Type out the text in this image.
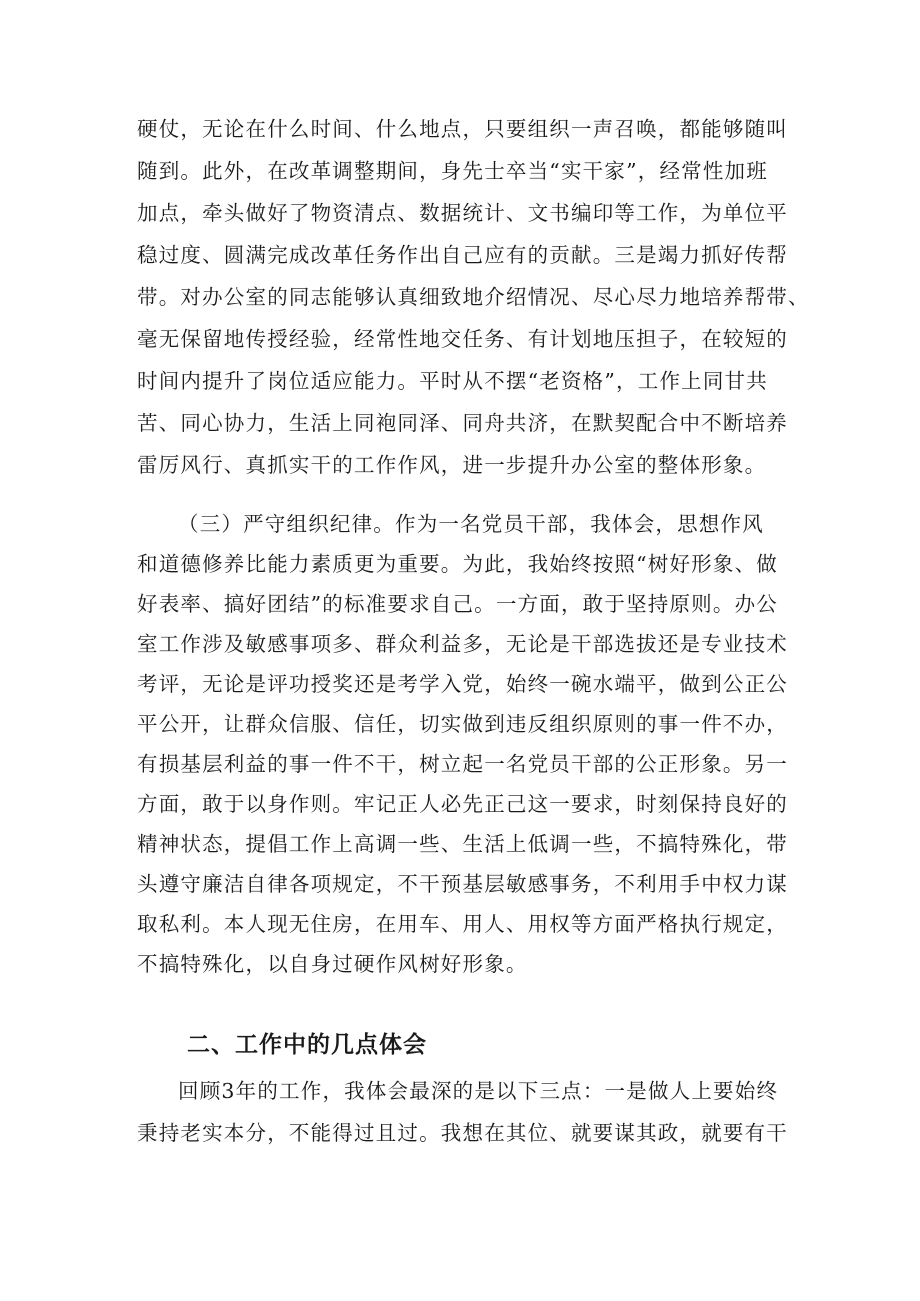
硬仗，无论在什么时间、什么地点，只要组织一声召唤，都能够随叫
随到。此外，在改革调整期间，身先士卒当“实干家”，经常性加班
加点，牵头做好了物资清点、数据统计、文书编印等工作，为单位平
稳过度、圆满完成改革任务作出自己应有的贡献。三是竭力抓好传帮
带。对办公室的同志能够认真细致地介绍情况、尽心尽力地培养帮带、
毫无保留地传授经验，经常性地交任务、有计划地压担子，在较短的
时间内提升了岗位适应能力。平时从不摆“老资格”，工作上同甘共
苦、同心协力，生活上同袍同泽、同舟共济，在默契配合中不断培养
雷厉风行、真抓实干的工作作风，进一步提升办公室的整体形象。
（三）严守组织纪律。作为一名党员干部，我体会，思想作风
和道德修养比能力素质更为重要。为此，我始终按照“树好形象、做
好表率、搞好团结”的标准要求自己。一方面，敢于坚持原则。办公
室工作涉及敏感事项多、群众利益多，无论是干部选拔还是专业技术
考评，无论是评功授奖还是考学入党，始终一碗水端平，做到公正公
平公开，让群众信服、信任，切实做到违反组织原则的事一件不办，
有损基层利益的事一件不干，树立起一名党员干部的公正形象。另一
方面，敢于以身作则。牢记正人必先正己这一要求，时刻保持良好的
精神状态，提倡工作上高调一些、生活上低调一些，不搞特殊化，带
头遵守廉洁自律各项规定，不干预基层敏感事务，不利用手中权力谋
取私利。本人现无住房，在用车、用人、用权等方面严格执行规定，
不搞特殊化，以自身过硬作风树好形象。
二、工作中的几点体会
回顾3年的工作，我体会最深的是以下三点：一是做人上要始终
秉持老实本分，不能得过且过。我想在其位、就要谋其政，就要有干
